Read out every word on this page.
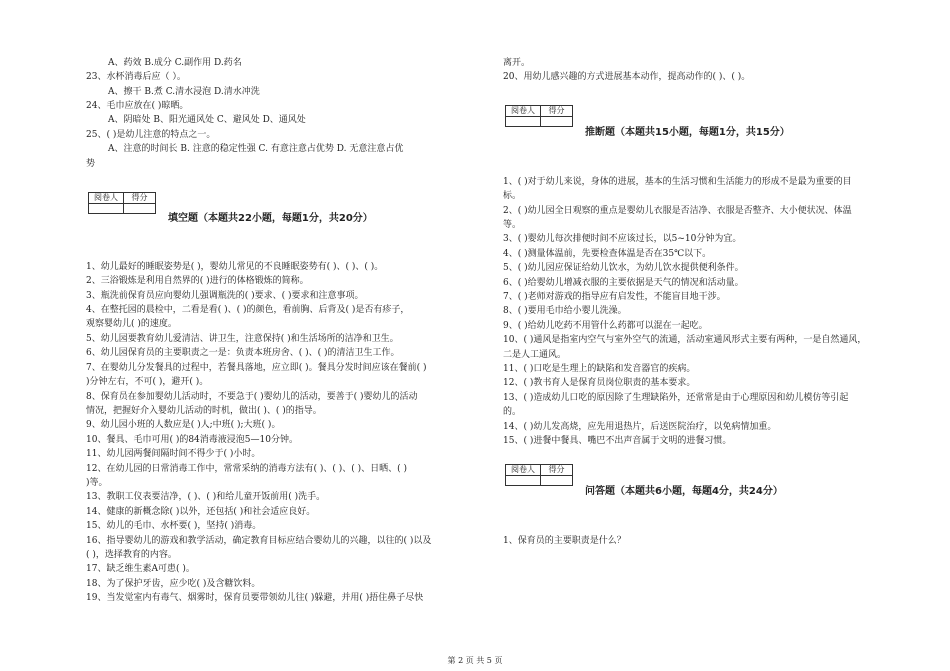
A、药效 B.成分 C.副作用 D.药名
23、水杯消毒后应（ ）。
A、擦干 B.煮 C.清水浸泡 D.清水冲洗
24、毛巾应放在( )晾晒。
A、阴暗处 B、阳光通风处 C、避风处 D、通风处
25、( )是幼儿注意的特点之一。
A、注意的时间长 B. 注意的稳定性强 C. 有意注意占优势 D. 无意注意占优
势
阅卷人	得分
填空题（本题共22小题，每题1分，共20分）
1、幼儿最好的睡眠姿势是( )，婴幼儿常见的不良睡眠姿势有( )、( )、( )。
2、三浴锻炼是利用自然界的( )进行的体格锻炼的简称。
3、瓶洗前保育员应向婴幼儿强调瓶洗的( )要求、( )要求和注意事项。
4、在整托园的晨检中，二看是看( )、( )的颜色，看前胸、后背及( )是否有疹子，
观察婴幼儿( )的速度。
5、幼儿园要教育幼儿爱清洁、讲卫生，注意保持( )和生活场所的洁净和卫生。
6、幼儿园保育员的主要职责之一是：负责本班房舍、( )、( )的清洁卫生工作。
7、在婴幼儿分发餐具的过程中，若餐具落地，应立即( )。餐具分发时间应该在餐前( )
)分钟左右，不可( )，避开( )。
8、保育员在参加婴幼儿活动时，不要急于( )婴幼儿的活动，要善于( )婴幼儿的活动
情况，把握好介入婴幼儿活动的时机，做出( )、( )的指导。
9、幼儿园小班的人数应是( )人;中班( );大班( )。
10、餐具、毛巾可用( )的84消毒液浸泡5—10分钟。
11、幼儿园两餐间隔时间不得少于( )小时。
12、在幼儿园的日常消毒工作中，常常采纳的消毒方法有( )、( )、( )、日晒、( )
)等。
13、教职工仪表要洁净，( )、( )和给儿童开饭前用( )洗手。
14、健康的新概念除( )以外，还包括( )和社会适应良好。
15、幼儿的毛巾、水杯要( )，坚持( )消毒。
16、指导婴幼儿的游戏和教学活动，确定教育目标应结合婴幼儿的兴趣，以往的( )以及
( )，选择教育的内容。
17、缺乏维生素A可患( )。
18、为了保护牙齿，应少吃( )及含糖饮料。
19、当发觉室内有毒气、烟雾时，保育员要带领幼儿往( )躲避，并用( )捂住鼻子尽快
离开。
20、用幼儿感兴趣的方式进展基本动作，提高动作的( )、( )。
阅卷人	得分
推断题（本题共15小题，每题1分，共15分）
1、( )对于幼儿来说，身体的进展，基本的生活习惯和生活能力的形成不是最为重要的目
标。
2、( )幼儿园全日观察的重点是婴幼儿衣服是否洁净、衣服是否整齐、大小便状况、体温
等。
3、( )婴幼儿每次排便时间不应该过长，以5~10分钟为宜。
4、( )测量体温前，先要检查体温是否在35℃以下。
5、( )幼儿园应保证给幼儿饮水，为幼儿饮水提供便利条件。
6、( )给婴幼儿增减衣服的主要依据是天气的情况和活动量。
7、( )老师对游戏的指导应有启发性，不能盲目地干涉。
8、( )要用毛巾给小婴儿洗澡。
9、( )给幼儿吃药不用管什么药都可以混在一起吃。
10、( )通风是指室内空气与室外空气的流通，活动室通风形式主要有两种，一是自然通风，
二是人工通风。
11、( )口吃是生理上的缺陷和发音器官的疾病。
12、( )教书育人是保育员岗位职责的基本要求。
13、( )造成幼儿口吃的原因除了生理缺陷外，还常常是由于心理原因和幼儿模仿等引起
的。
14、( )幼儿发高烧，应先用退热片，后送医院治疗，以免病情加重。
15、( )进餐中餐具、嘴巴不出声音属于文明的进餐习惯。
阅卷人	得分
问答题（本题共6小题，每题4分，共24分）
1、保育员的主要职责是什么？
第 2 页 共 5 页
